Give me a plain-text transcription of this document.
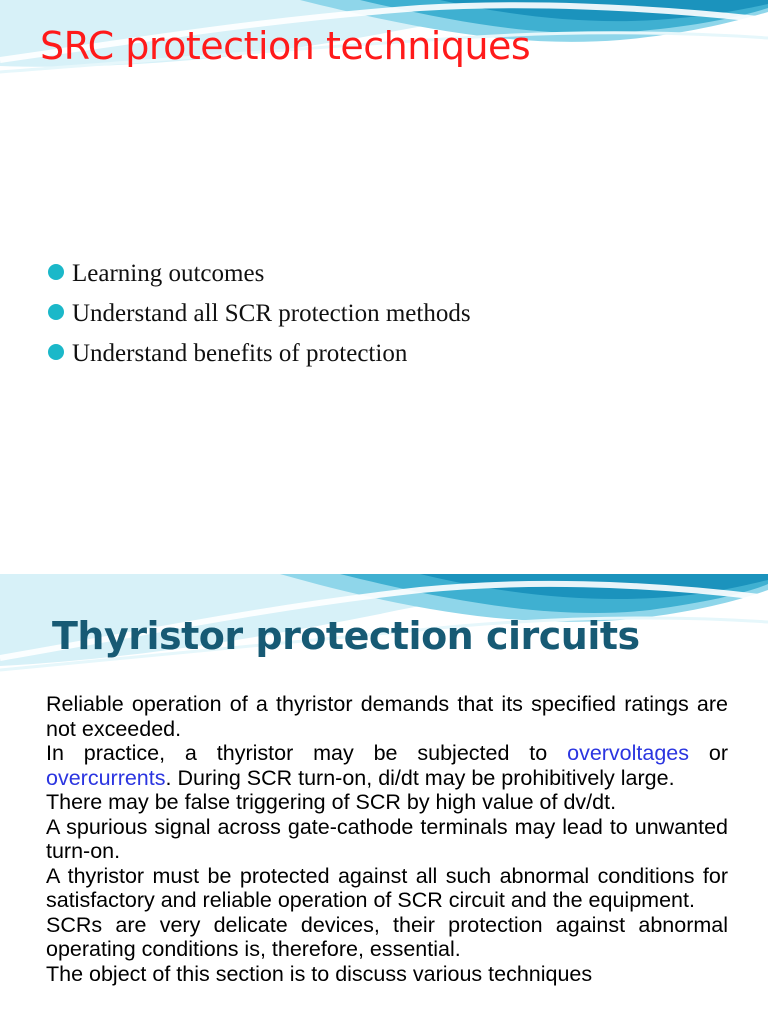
SRC protection techniques
Learning outcomes
Understand all SCR protection methods
Understand benefits of protection
Thyristor protection circuits

Reliable operation of a thyristor demands that its specified ratings are not exceeded.

In practice, a thyristor may be subjected to overvoltages or overcurrents. During SCR turn-on, di/dt may be prohibitively large.

There may be false triggering of SCR by high value of dv/dt.

A spurious signal across gate-cathode terminals may lead to unwanted turn-on.

A thyristor must be protected against all such abnormal conditions for satisfactory and reliable operation of SCR circuit and the equipment.

SCRs are very delicate devices, their protection against abnormal operating conditions is, therefore, essential.

The object of this section is to discuss various techniques
